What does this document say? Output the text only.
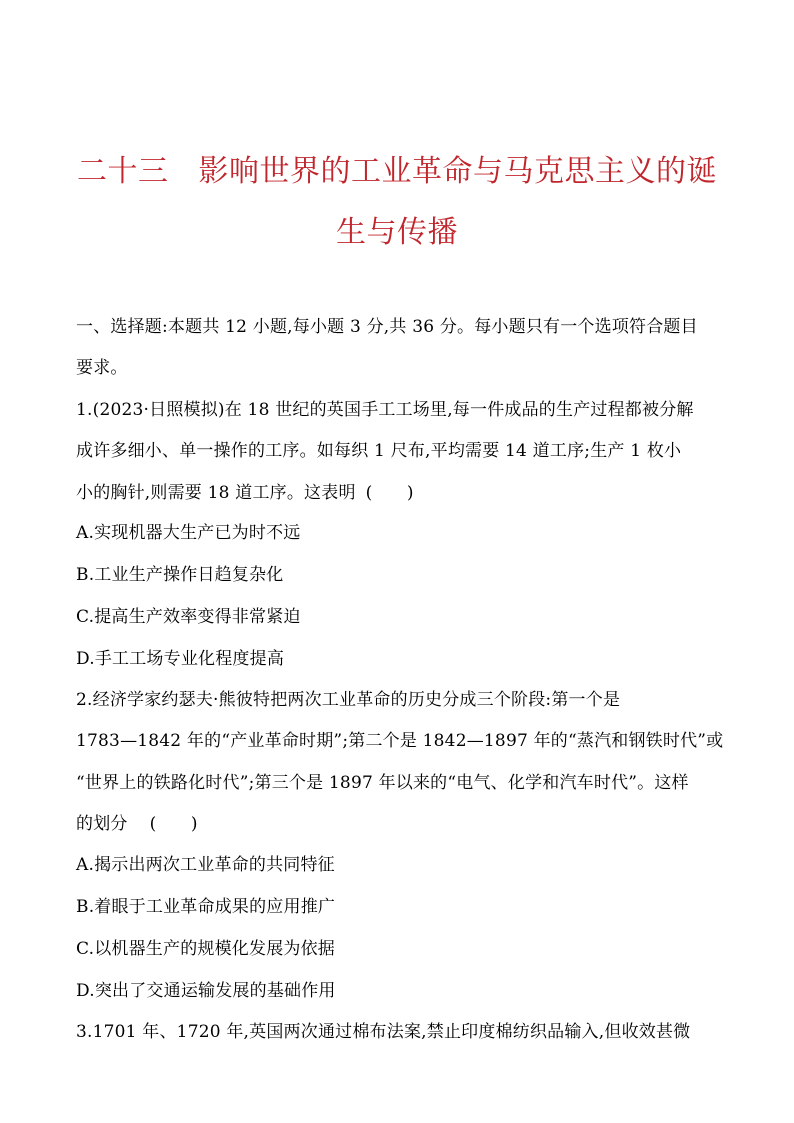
二十三 影响世界的工业革命与马克思主义的诞
生与传播
一、选择题:本题共 12 小题,每小题 3 分,共 36 分。每小题只有一个选项符合题目
要求。
1.(2023·日照模拟)在 18 世纪的英国手工工场里,每一件成品的生产过程都被分解
成许多细小、单一操作的工序。如每织 1 尺布,平均需要 14 道工序;生产 1 枚小
小的胸针,则需要 18 道工序。这表明 (　　)
A.实现机器大生产已为时不远
B.工业生产操作日趋复杂化
C.提高生产效率变得非常紧迫
D.手工工场专业化程度提高
2.经济学家约瑟夫·熊彼特把两次工业革命的历史分成三个阶段:第一个是
1783—1842 年的“产业革命时期”;第二个是 1842—1897 年的“蒸汽和钢铁时代”或
“世界上的铁路化时代”;第三个是 1897 年以来的“电气、化学和汽车时代”。这样
的划分 (　　)
A.揭示出两次工业革命的共同特征
B.着眼于工业革命成果的应用推广
C.以机器生产的规模化发展为依据
D.突出了交通运输发展的基础作用
3.1701 年、1720 年,英国两次通过棉布法案,禁止印度棉纺织品输入,但收效甚微
